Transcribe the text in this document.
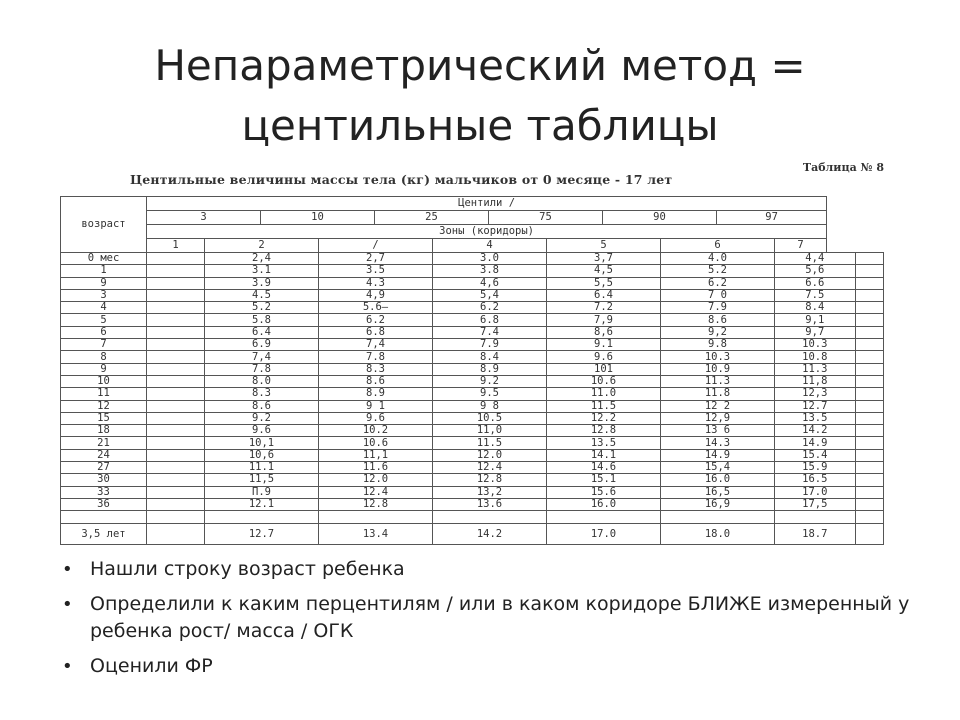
Непараметрический метод =
центильные таблицы
Центильные величины массы тела (кг) мальчиков от 0 месяце - 17 лет
Таблица № 8
возраст	Центили /												
	3		10		25		75		90		97		
	Зоны (коридоры)												
	1	2		/		4		5		6		7	
0 мес		2,4		2,7		3.0		3,7		4.0		4,4	
1		3.1		3.5		3.8		4,5		5.2		5,6	
9		3.9		4.3		4,6		5,5		6.2		6.6	
3		4.5		4,9		5,4		6.4		7 0		7.5	
4		5.2		5.6–		6.2		7.2		7.9		8.4	
5		5.8		6.2		6.8		7,9		8.6		9,1	
6		6.4		6.8		7.4		8,6		9,2		9,7	
7		6.9		7,4		7.9		9.1		9.8		10.3	
8		7,4		7.8		8.4		9.6		10.3		10.8	
9		7.8		8.3		8.9		101		10.9		11.3	
10		8.0		8.6		9.2		10.6		11.3		11,8	
11		8.3		8.9		9.5		11.0		11.8		12,3	
12		8.6		9 1		9 8		11.5		12 2		12.7	
15		9.2		9.6		10.5		12.2		12,9		13.5	
18		9.6		10.2		11,0		12.8		13 6		14.2	
21		10,1		10.6		11.5		13.5		14.3		14.9	
24		10,6		11,1		12.0		14.1		14.9		15.4	
27		11.1		11.6		12.4		14.6		15,4		15.9	
30		11,5		12.0		12.8		15.1		16.0		16.5	
33		П.9		12.4		13,2		15.6		16,5		17.0	
36		12.1		12.8		13.6		16.0		16,9		17,5	

3,5 лет		12.7		13.4		14.2		17.0		18.0		18.7	
• Нашли строку возраст ребенка
• Определили к каким перцентилям / или в каком коридоре БЛИЖЕ измеренный у ребенка рост/ масса / ОГК
• Оценили ФР
